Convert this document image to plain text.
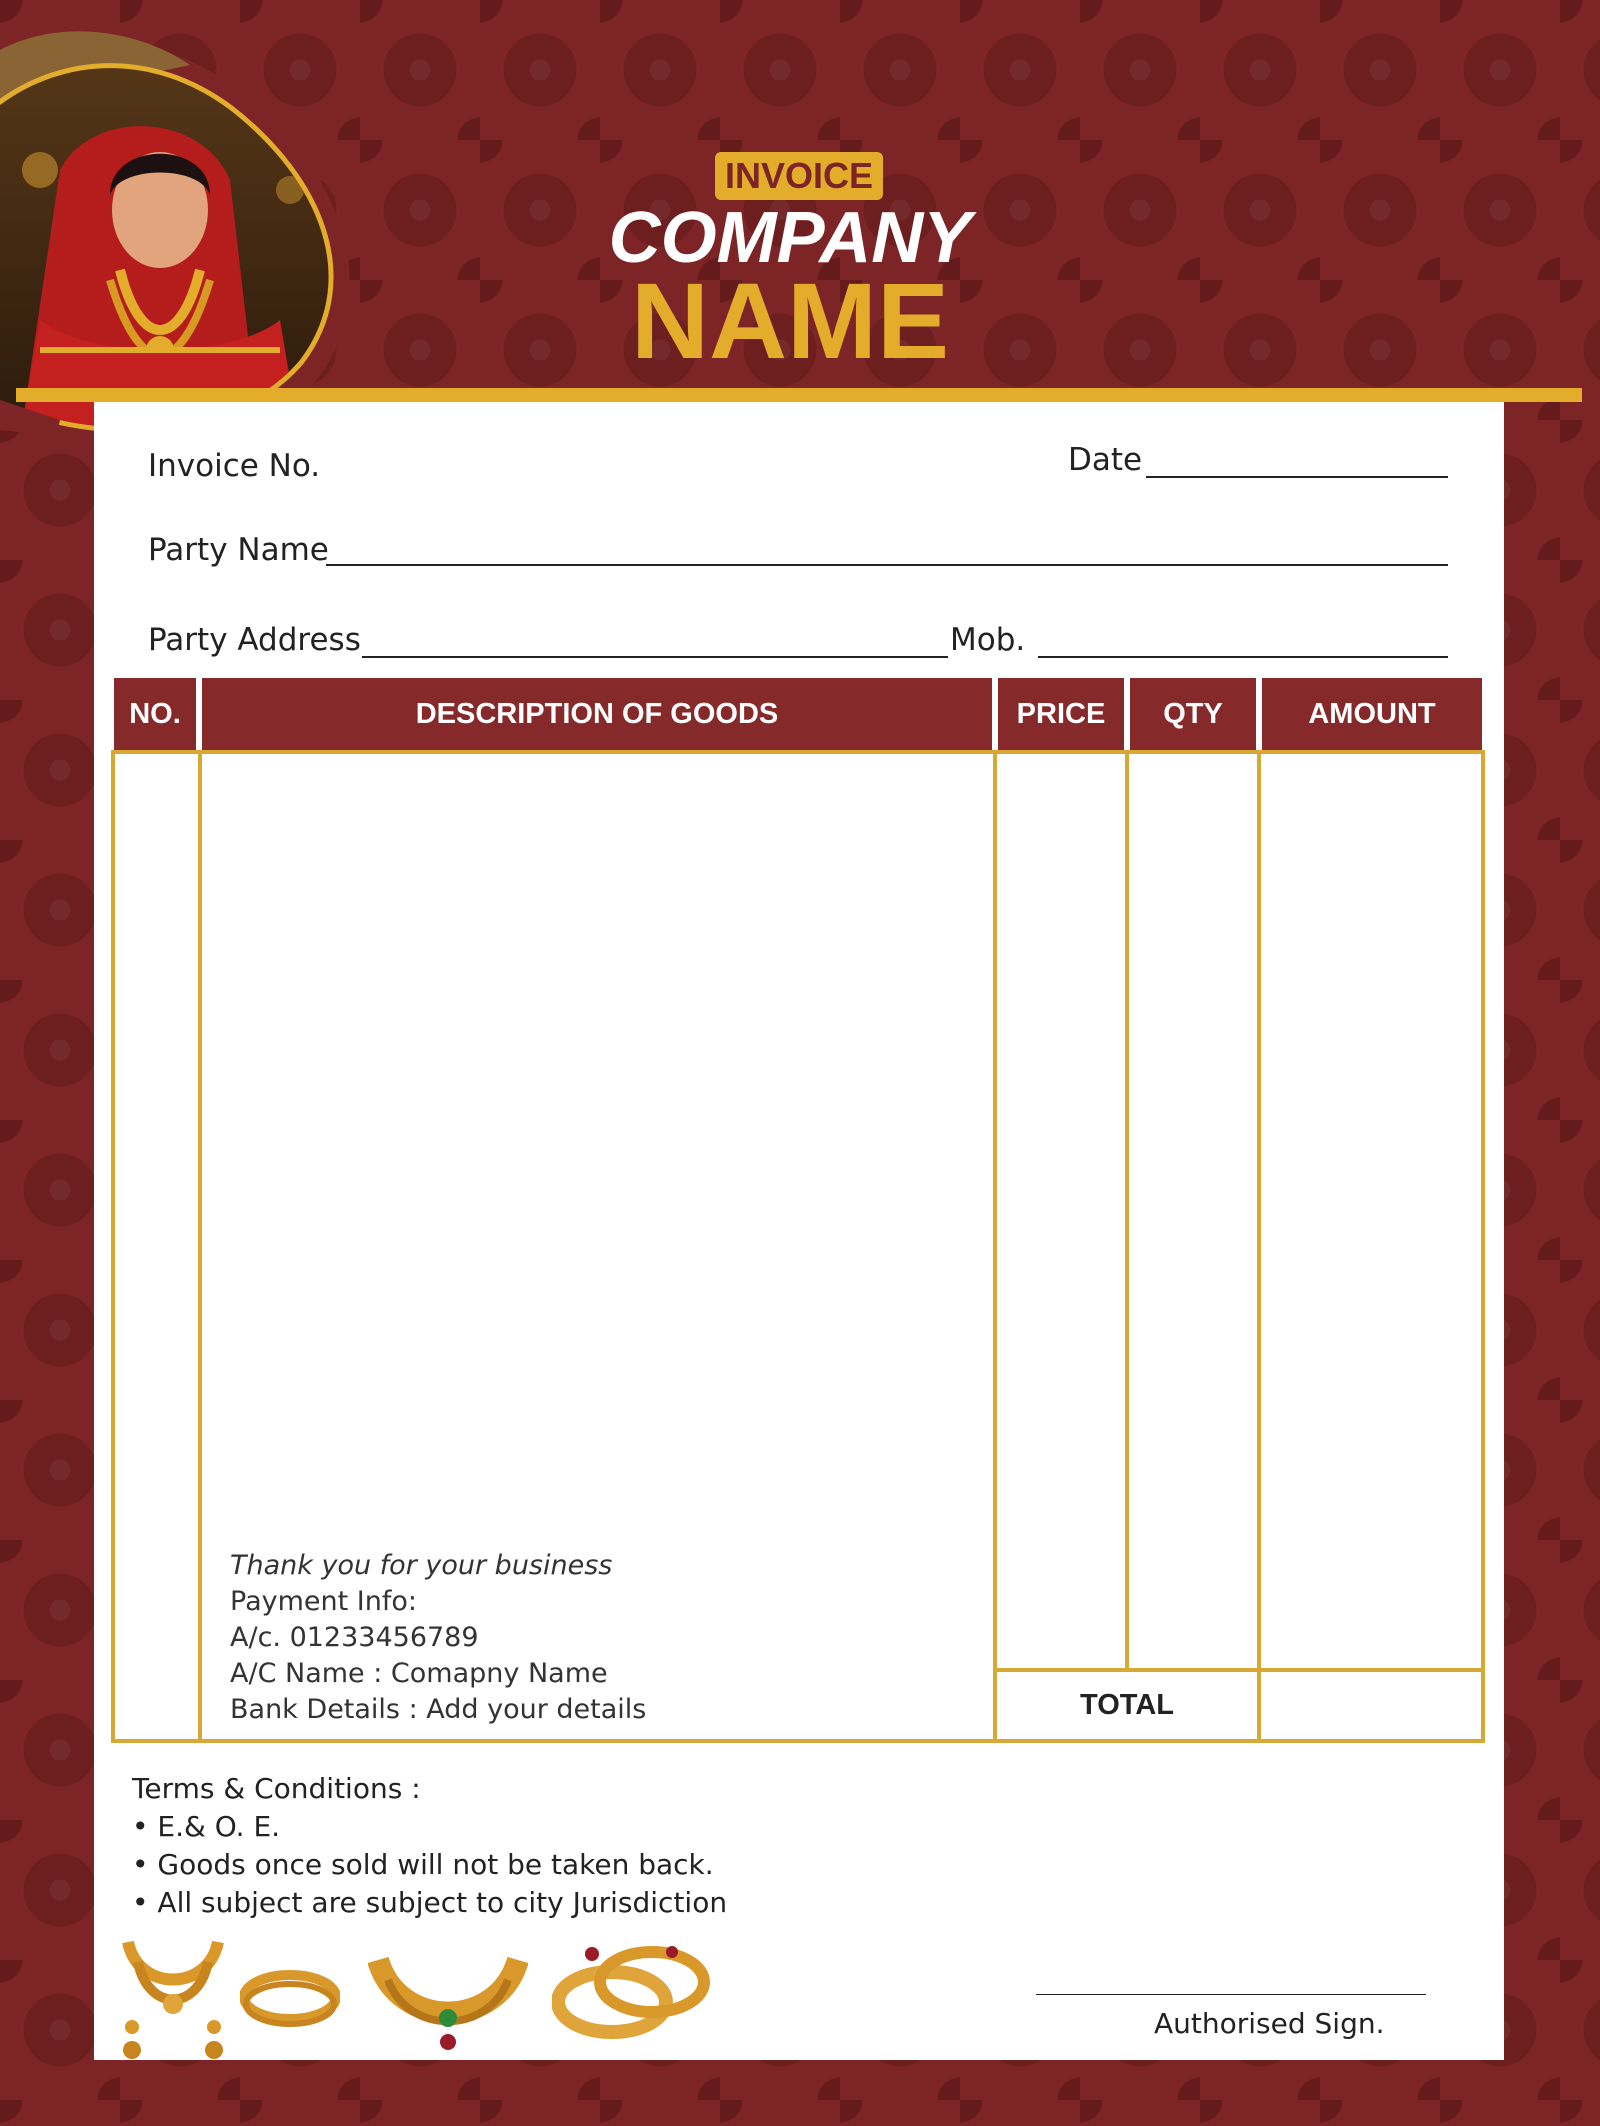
INVOICE
COMPANY
NAME
Invoice No.	Date
Party Name
Party Address	Mob.
NO.	DESCRIPTION OF GOODS	PRICE	QTY	AMOUNT
TOTAL
Thank you for your business
Payment Info:
A/c. 01233456789
A/C Name : Comapny Name
Bank Details : Add your details
Terms & Conditions :
• E.& O. E.
• Goods once sold will not be taken back.
• All subject are subject to city Jurisdiction
Authorised Sign.
